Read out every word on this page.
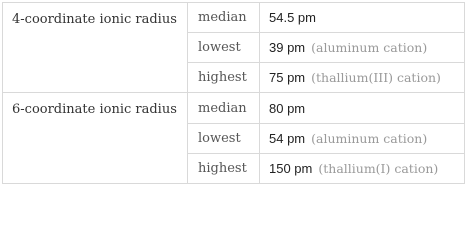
4-coordinate ionic radius	median	54.5 pm
	lowest	39 pm (aluminum cation)
	highest	75 pm (thallium(III) cation)
6-coordinate ionic radius	median	80 pm
	lowest	54 pm (aluminum cation)
	highest	150 pm (thallium(I) cation)
